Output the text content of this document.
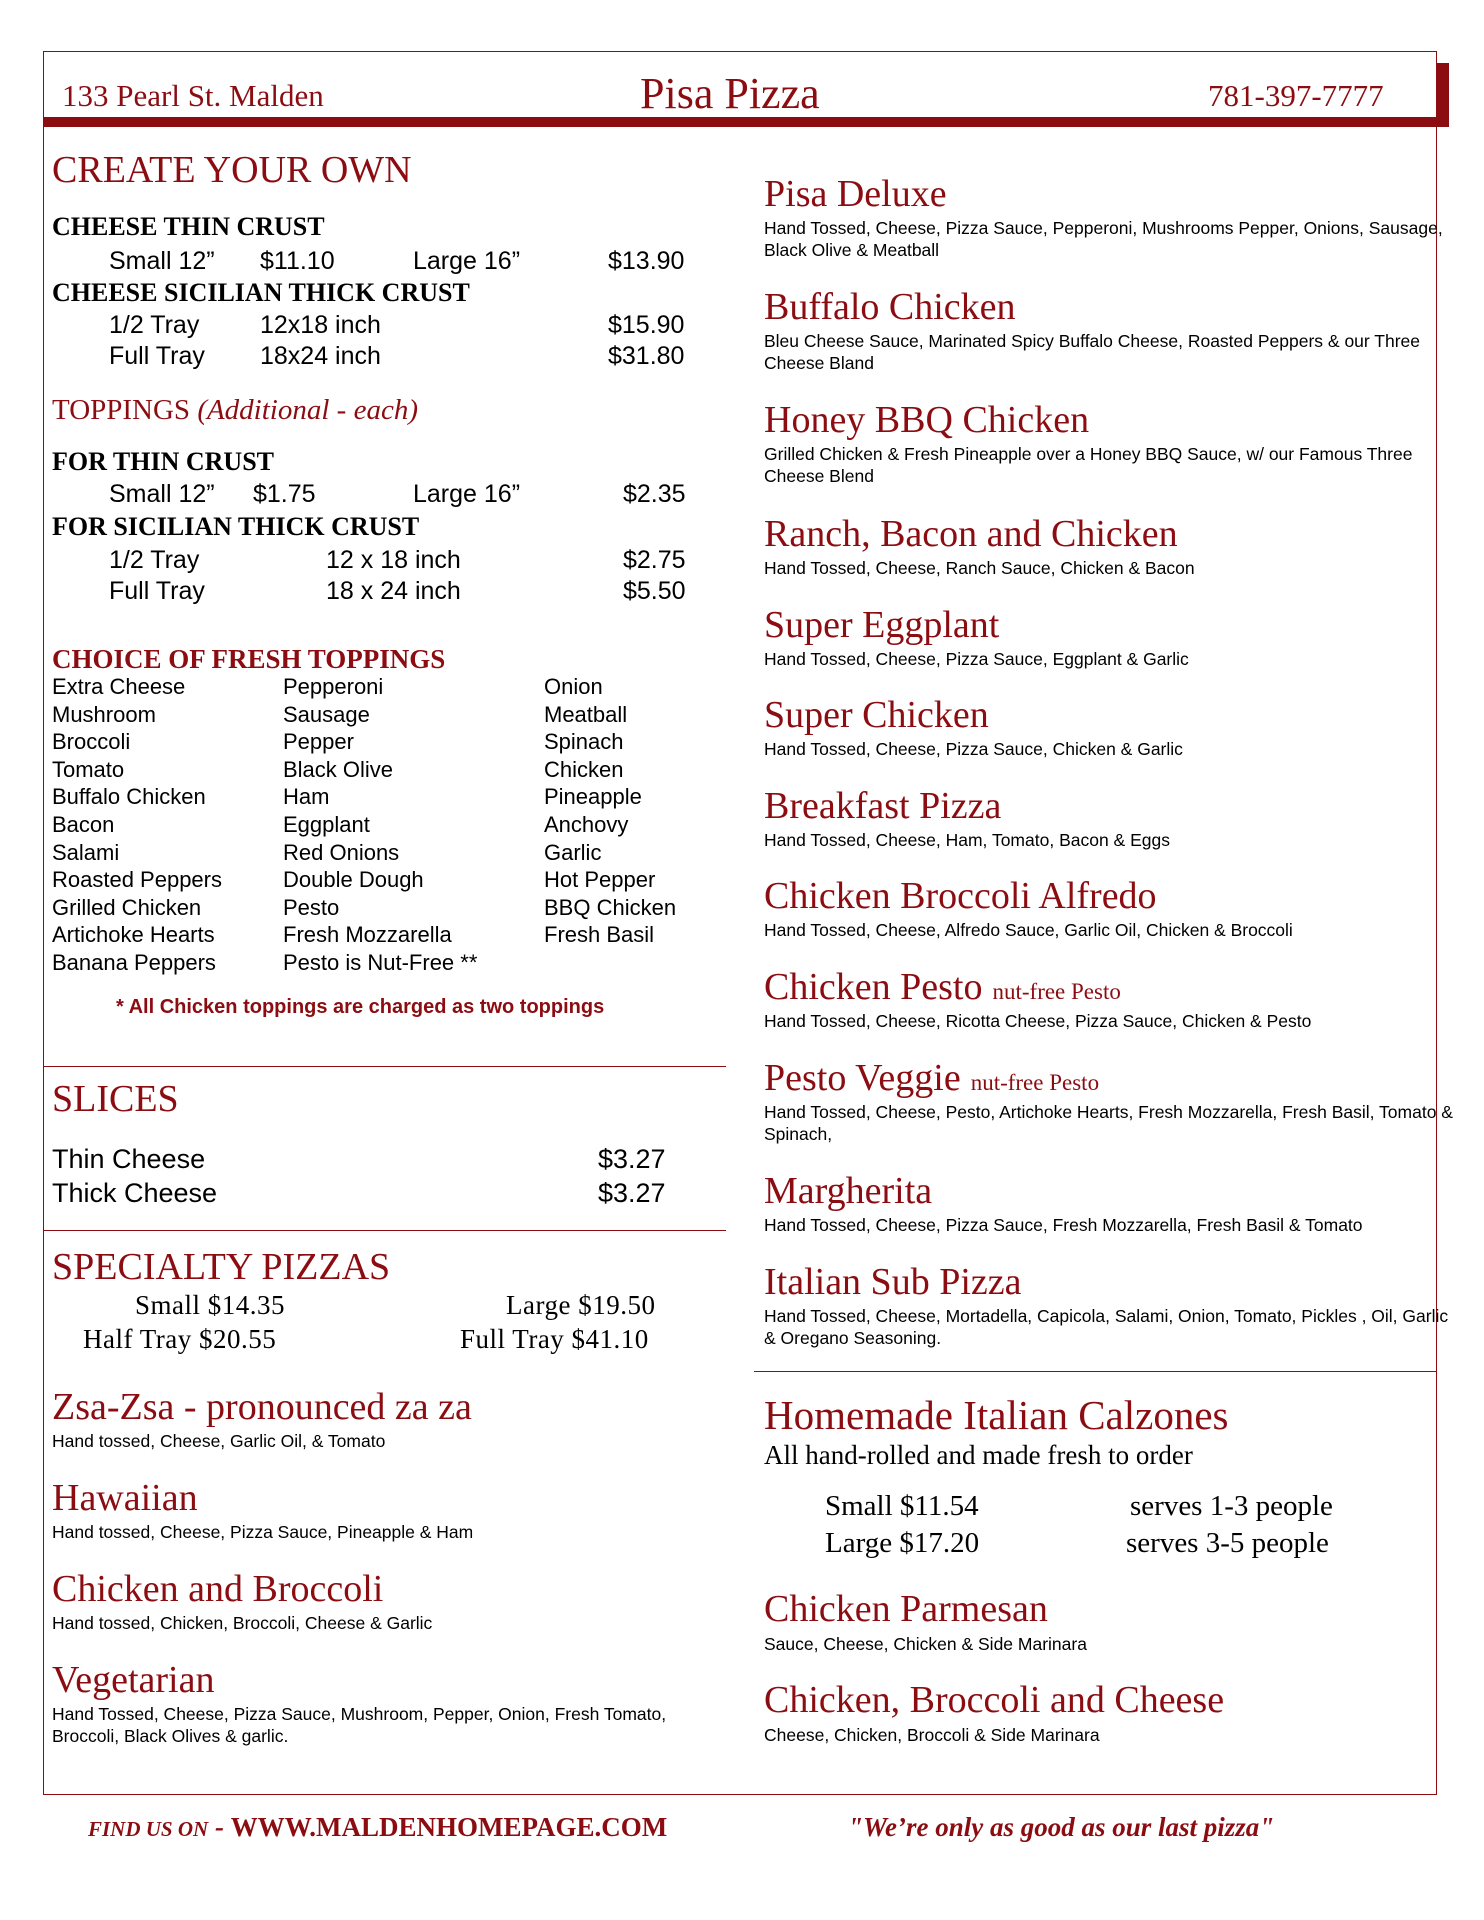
133 Pearl St. Malden	Pisa Pizza	781-397-7777
CREATE YOUR OWN
CHEESE THIN CRUST
Small 12” $11.10	Large 16”	$13.90
CHEESE SICILIAN THICK CRUST
1/2 Tray 12x18 inch	$15.90
Full Tray 18x24 inch	$31.80
TOPPINGS (Additional - each)
FOR THIN CRUST
Small 12” $1.75	Large 16”	$2.35
FOR SICILIAN THICK CRUST
1/2 Tray	12 x 18 inch	$2.75
Full Tray	18 x 24 inch	$5.50
CHOICE OF FRESH TOPPINGS
Extra Cheese
Mushroom
Broccoli
Tomato
Buffalo Chicken
Bacon
Salami
Roasted Peppers
Grilled Chicken
Artichoke Hearts
Banana Peppers
Pepperoni
Sausage
Pepper
Black Olive
Ham
Eggplant
Red Onions
Double Dough
Pesto
Fresh Mozzarella
Pesto is Nut-Free **
Onion
Meatball
Spinach
Chicken
Pineapple
Anchovy
Garlic
Hot Pepper
BBQ Chicken
Fresh Basil
* All Chicken toppings are charged as two toppings
SLICES
Thin Cheese	$3.27
Thick Cheese	$3.27
SPECIALTY PIZZAS
Small $14.35	Large $19.50
Half Tray $20.55	Full Tray $41.10
Zsa-Zsa - pronounced za za
Hand tossed, Cheese, Garlic Oil, & Tomato
Hawaiian
Hand tossed, Cheese, Pizza Sauce, Pineapple & Ham
Chicken and Broccoli
Hand tossed, Chicken, Broccoli, Cheese & Garlic
Vegetarian
Hand Tossed, Cheese, Pizza Sauce, Mushroom, Pepper, Onion, Fresh Tomato, Broccoli, Black Olives & garlic.
Pisa Deluxe
Hand Tossed, Cheese, Pizza Sauce, Pepperoni, Mushrooms Pepper, Onions, Sausage, Black Olive & Meatball
Buffalo Chicken
Bleu Cheese Sauce, Marinated Spicy Buffalo Cheese, Roasted Peppers & our Three Cheese Bland
Honey BBQ Chicken
Grilled Chicken & Fresh Pineapple over a Honey BBQ Sauce, w/ our Famous Three Cheese Blend
Ranch, Bacon and Chicken
Hand Tossed, Cheese, Ranch Sauce, Chicken & Bacon
Super Eggplant
Hand Tossed, Cheese, Pizza Sauce, Eggplant & Garlic
Super Chicken
Hand Tossed, Cheese, Pizza Sauce, Chicken & Garlic
Breakfast Pizza
Hand Tossed, Cheese, Ham, Tomato, Bacon & Eggs
Chicken Broccoli Alfredo
Hand Tossed, Cheese, Alfredo Sauce, Garlic Oil, Chicken & Broccoli
Chicken Pesto nut-free Pesto
Hand Tossed, Cheese, Ricotta Cheese, Pizza Sauce, Chicken & Pesto
Pesto Veggie nut-free Pesto
Hand Tossed, Cheese, Pesto, Artichoke Hearts, Fresh Mozzarella, Fresh Basil, Tomato & Spinach,
Margherita
Hand Tossed, Cheese, Pizza Sauce, Fresh Mozzarella, Fresh Basil & Tomato
Italian Sub Pizza
Hand Tossed, Cheese, Mortadella, Capicola, Salami, Onion, Tomato, Pickles , Oil, Garlic & Oregano Seasoning.
Homemade Italian Calzones
All hand-rolled and made fresh to order
Small $11.54	serves 1-3 people
Large $17.20	serves 3-5 people
Chicken Parmesan
Sauce, Cheese, Chicken & Side Marinara
Chicken, Broccoli and Cheese
Cheese, Chicken, Broccoli & Side Marinara
FIND US ON - WWW.MALDENHOMEPAGE.COM	"We’re only as good as our last pizza"
